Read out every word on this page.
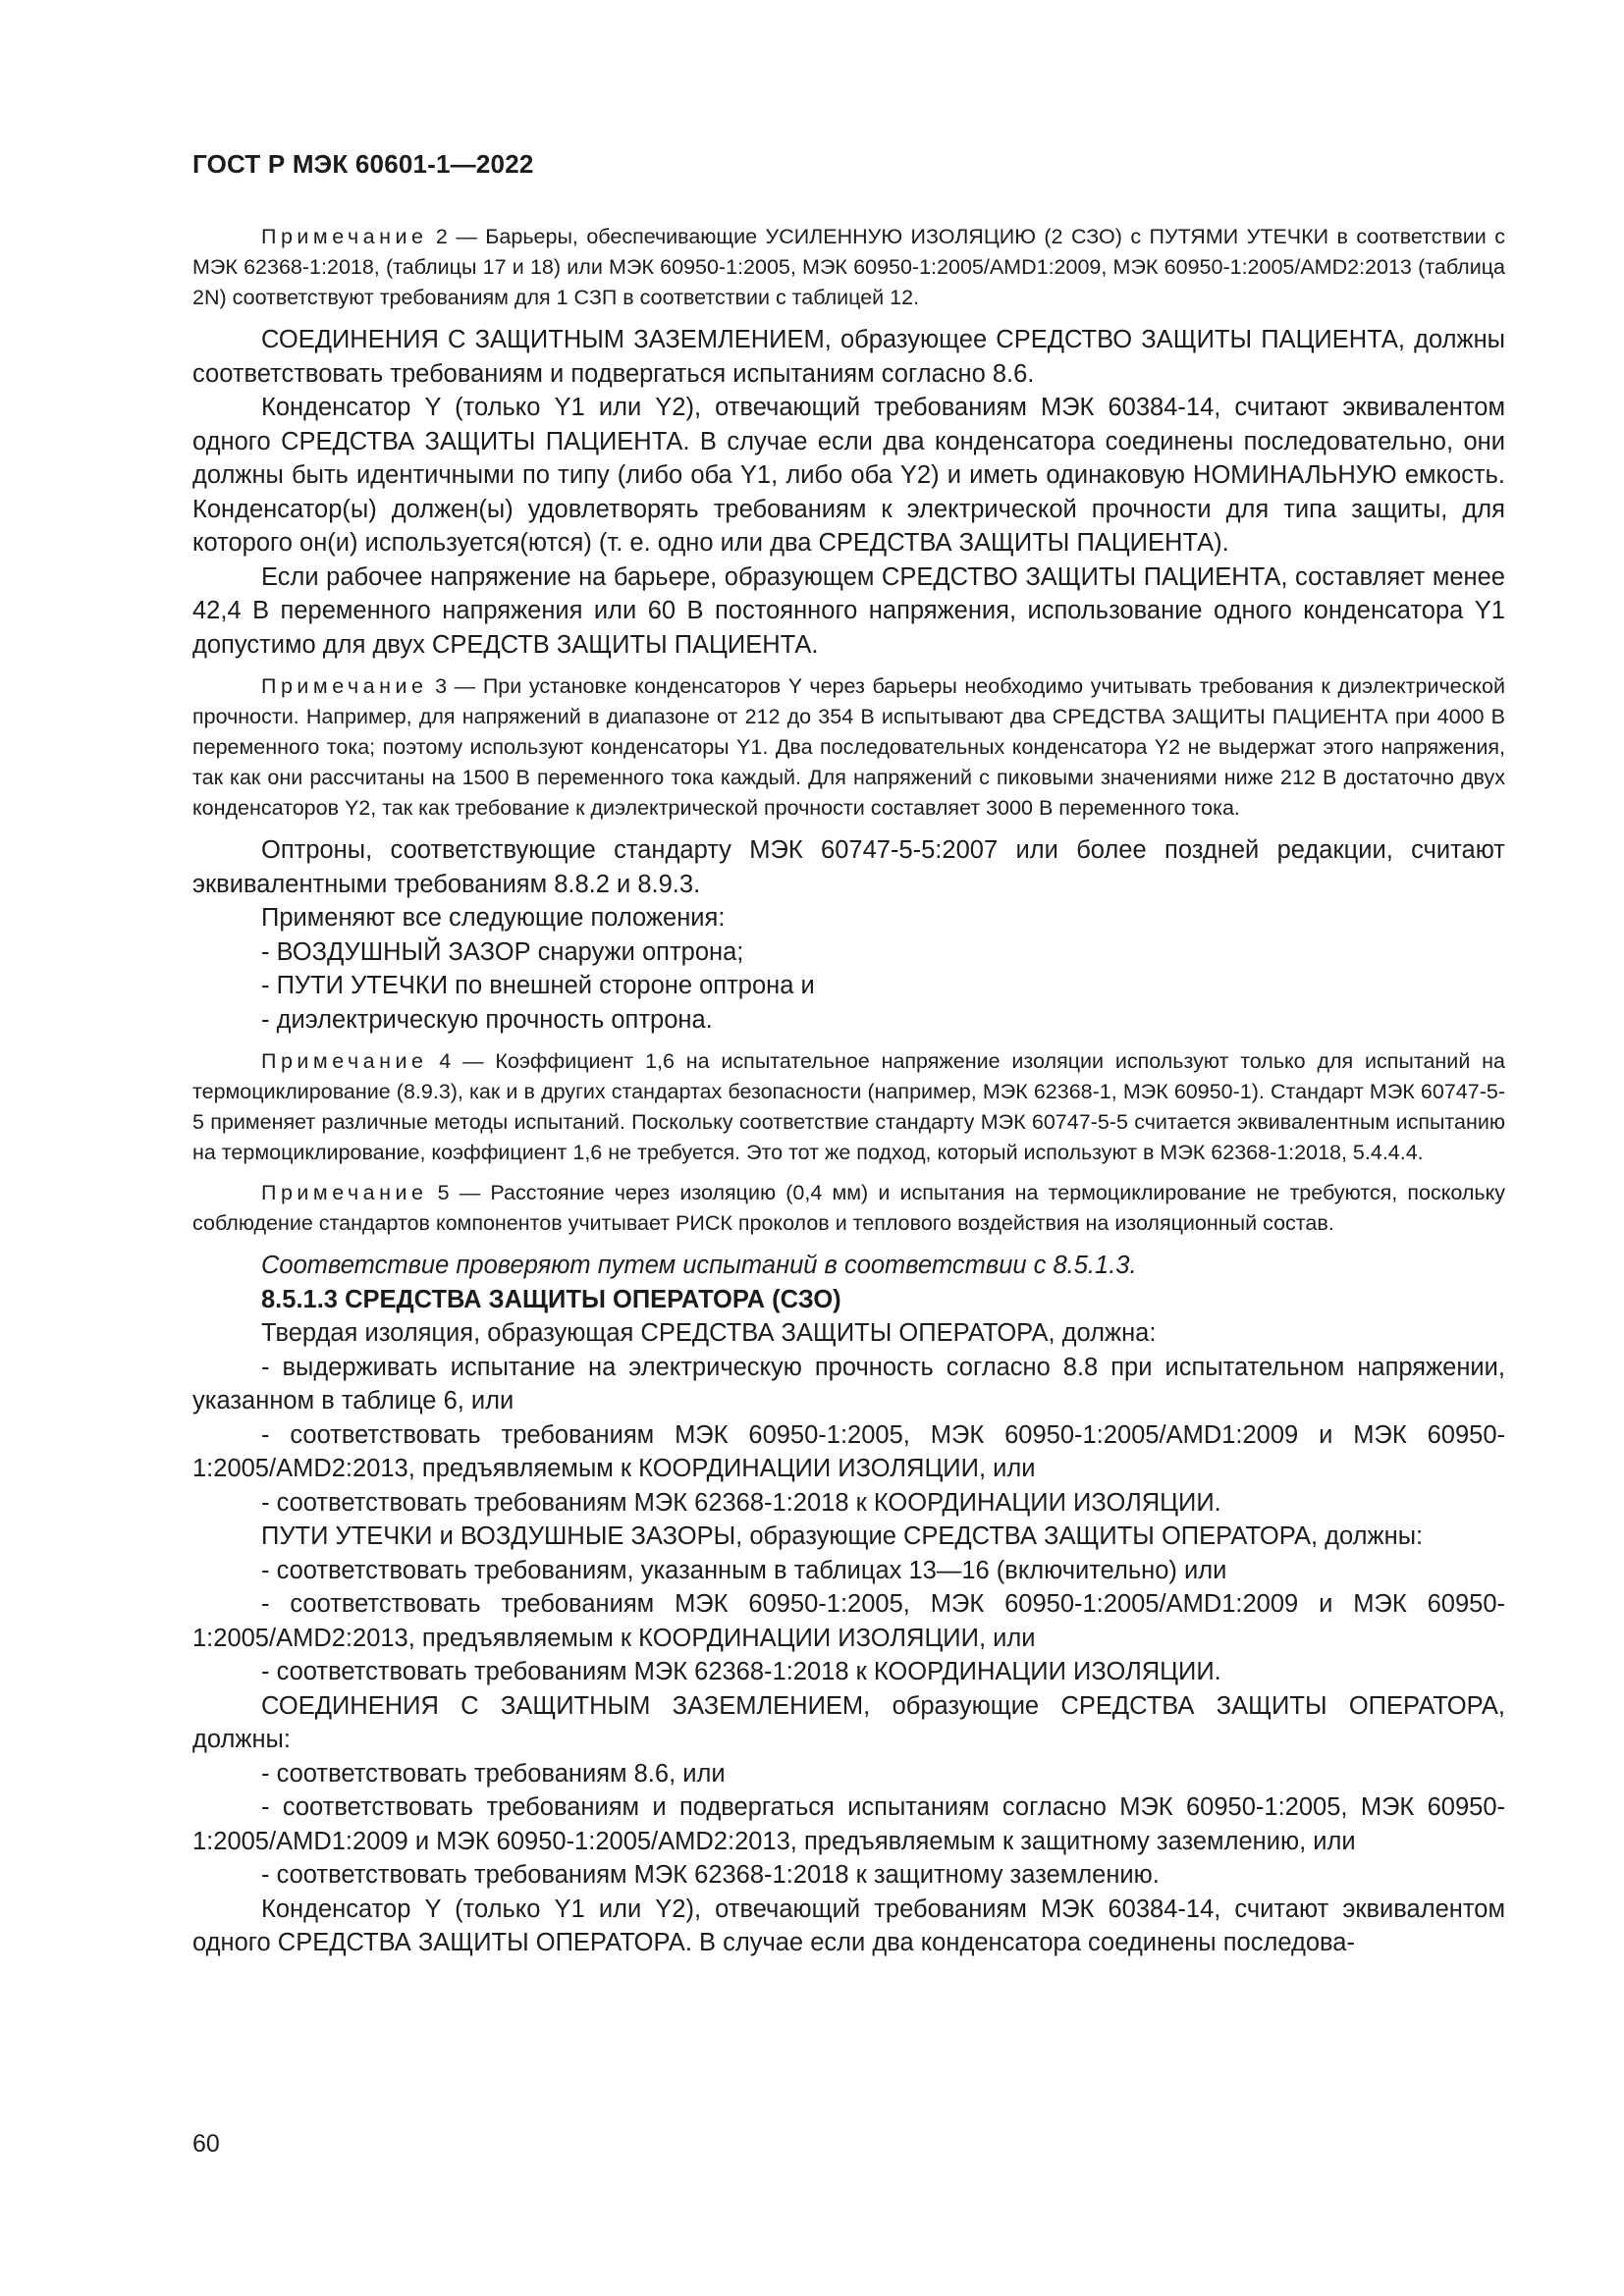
ГОСТ Р МЭК 60601-1—2022

Примечание 2 — Барьеры, обеспечивающие УСИЛЕННУЮ ИЗОЛЯЦИЮ (2 СЗО) с ПУТЯМИ УТЕЧКИ в соответствии с МЭК 62368-1:2018, (таблицы 17 и 18) или МЭК 60950-1:2005, МЭК 60950-1:2005/AMD1:2009, МЭК 60950-1:2005/AMD2:2013 (таблица 2N) соответствуют требованиям для 1 СЗП в соответствии с таблицей 12.

СОЕДИНЕНИЯ С ЗАЩИТНЫМ ЗАЗЕМЛЕНИЕМ, образующее СРЕДСТВО ЗАЩИТЫ ПАЦИЕНТА, должны соответствовать требованиям и подвергаться испытаниям согласно 8.6.

Конденсатор Y (только Y1 или Y2), отвечающий требованиям МЭК 60384-14, считают эквивалентом одного СРЕДСТВА ЗАЩИТЫ ПАЦИЕНТА. В случае если два конденсатора соединены последовательно, они должны быть идентичными по типу (либо оба Y1, либо оба Y2) и иметь одинаковую НОМИНАЛЬНУЮ емкость. Конденсатор(ы) должен(ы) удовлетворять требованиям к электрической прочности для типа защиты, для которого он(и) используется(ются) (т. е. одно или два СРЕДСТВА ЗАЩИТЫ ПАЦИЕНТА).

Если рабочее напряжение на барьере, образующем СРЕДСТВО ЗАЩИТЫ ПАЦИЕНТА, составляет менее 42,4 В переменного напряжения или 60 В постоянного напряжения, использование одного конденсатора Y1 допустимо для двух СРЕДСТВ ЗАЩИТЫ ПАЦИЕНТА.

Примечание 3 — При установке конденсаторов Y через барьеры необходимо учитывать требования к диэлектрической прочности. Например, для напряжений в диапазоне от 212 до 354 В испытывают два СРЕДСТВА ЗАЩИТЫ ПАЦИЕНТА при 4000 В переменного тока; поэтому используют конденсаторы Y1. Два последовательных конденсатора Y2 не выдержат этого напряжения, так как они рассчитаны на 1500 В переменного тока каждый. Для напряжений с пиковыми значениями ниже 212 В достаточно двух конденсаторов Y2, так как требование к диэлектрической прочности составляет 3000 В переменного тока.

Оптроны, соответствующие стандарту МЭК 60747-5-5:2007 или более поздней редакции, считают эквивалентными требованиям 8.8.2 и 8.9.3.

Применяют все следующие положения:

- ВОЗДУШНЫЙ ЗАЗОР снаружи оптрона;

- ПУТИ УТЕЧКИ по внешней стороне оптрона и

- диэлектрическую прочность оптрона.

Примечание 4 — Коэффициент 1,6 на испытательное напряжение изоляции используют только для испытаний на термоциклирование (8.9.3), как и в других стандартах безопасности (например, МЭК 62368-1, МЭК 60950-1). Стандарт МЭК 60747-5-5 применяет различные методы испытаний. Поскольку соответствие стандарту МЭК 60747-5-5 считается эквивалентным испытанию на термоциклирование, коэффициент 1,6 не требуется. Это тот же подход, который используют в МЭК 62368-1:2018, 5.4.4.4.

Примечание 5 — Расстояние через изоляцию (0,4 мм) и испытания на термоциклирование не требуются, поскольку соблюдение стандартов компонентов учитывает РИСК проколов и теплового воздействия на изоляционный состав.

Соответствие проверяют путем испытаний в соответствии с 8.5.1.3.

8.5.1.3 СРЕДСТВА ЗАЩИТЫ ОПЕРАТОРА (СЗО)

Твердая изоляция, образующая СРЕДСТВА ЗАЩИТЫ ОПЕРАТОРА, должна:

- выдерживать испытание на электрическую прочность согласно 8.8 при испытательном напряжении, указанном в таблице 6, или

- соответствовать требованиям МЭК 60950-1:2005, МЭК 60950-1:2005/AMD1:2009 и МЭК 60950-1:2005/AMD2:2013, предъявляемым к КООРДИНАЦИИ ИЗОЛЯЦИИ, или

- соответствовать требованиям МЭК 62368-1:2018 к КООРДИНАЦИИ ИЗОЛЯЦИИ.

ПУТИ УТЕЧКИ и ВОЗДУШНЫЕ ЗАЗОРЫ, образующие СРЕДСТВА ЗАЩИТЫ ОПЕРАТОРА, должны:

- соответствовать требованиям, указанным в таблицах 13—16 (включительно) или

- соответствовать требованиям МЭК 60950-1:2005, МЭК 60950-1:2005/AMD1:2009 и МЭК 60950-1:2005/AMD2:2013, предъявляемым к КООРДИНАЦИИ ИЗОЛЯЦИИ, или

- соответствовать требованиям МЭК 62368-1:2018 к КООРДИНАЦИИ ИЗОЛЯЦИИ.

СОЕДИНЕНИЯ С ЗАЩИТНЫМ ЗАЗЕМЛЕНИЕМ, образующие СРЕДСТВА ЗАЩИТЫ ОПЕРАТОРА, должны:

- соответствовать требованиям 8.6, или

- соответствовать требованиям и подвергаться испытаниям согласно МЭК 60950-1:2005, МЭК 60950-1:2005/AMD1:2009 и МЭК 60950-1:2005/AMD2:2013, предъявляемым к защитному заземлению, или

- соответствовать требованиям МЭК 62368-1:2018 к защитному заземлению.

Конденсатор Y (только Y1 или Y2), отвечающий требованиям МЭК 60384-14, считают эквивалентом одного СРЕДСТВА ЗАЩИТЫ ОПЕРАТОРА. В случае если два конденсатора соединены последова-

60
